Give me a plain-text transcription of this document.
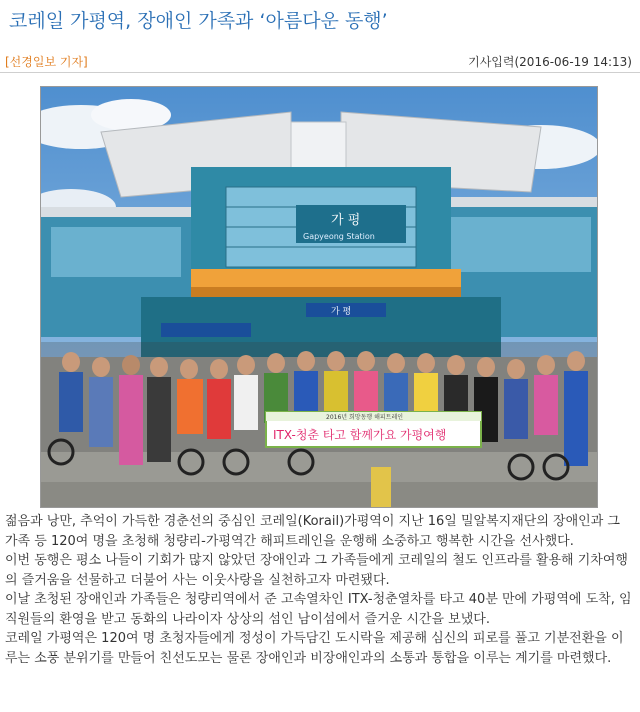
코레일 가평역, 장애인 가족과 ‘아름다운 동행’
[선경일보 기자]	기사입력(2016-06-19 14:13)
가 평
Gapyeong Station
가 평
2016년 희망동행 해피트레인
ITX-청춘 타고 함께가요 가평여행

젊음과 낭만, 추억이 가득한 경춘선의 중심인 코레일(Korail)가평역이 지난 16일 밀알복지재단의 장애인과 그 가족 등 120여 명을 초청해 청량리-가평역간 해피트레인을 운행해 소중하고 행복한 시간을 선사했다.

이번 동행은 평소 나들이 기회가 많지 않았던 장애인과 그 가족들에게 코레일의 철도 인프라를 활용해 기차여행의 즐거움을 선물하고 더불어 사는 이웃사랑을 실천하고자 마련됐다.

이날 초청된 장애인과 가족들은 청량리역에서 준 고속열차인 ITX-청춘열차를 타고 40분 만에 가평역에 도착, 임직원들의 환영을 받고 동화의 나라이자 상상의 섬인 남이섬에서 즐거운 시간을 보냈다.

코레일 가평역은 120여 명 초청자들에게 정성이 가득담긴 도시락을 제공해 심신의 피로를 풀고 기분전환을 이루는 소풍 분위기를 만들어 친선도모는 물론 장애인과 비장애인과의 소통과 통합을 이루는 계기를 마련했다.
